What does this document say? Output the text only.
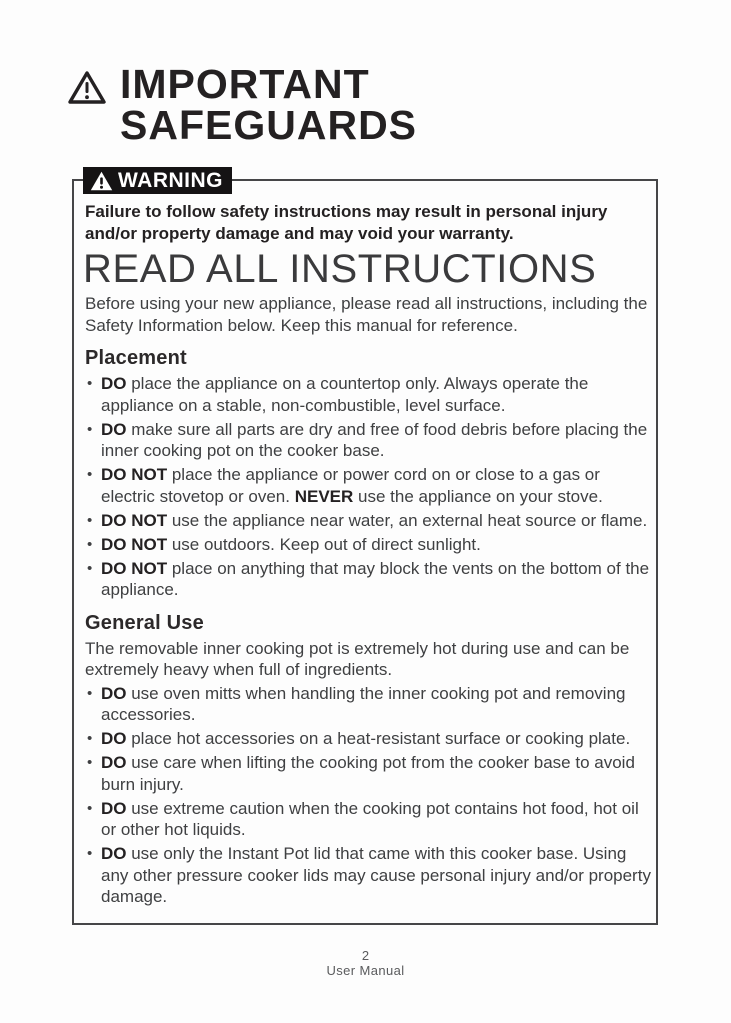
IMPORTANT
SAFEGUARDS
WARNING

Failure to follow safety instructions may result in personal injury and/or property damage and may void your warranty.

READ ALL INSTRUCTIONS

Before using your new appliance, please read all instructions, including the Safety Information below. Keep this manual for reference.

Placement
• DO place the appliance on a countertop only. Always operate the appliance on a stable, non-combustible, level surface.
• DO make sure all parts are dry and free of food debris before placing the inner cooking pot on the cooker base.
• DO NOT place the appliance or power cord on or close to a gas or electric stovetop or oven. NEVER use the appliance on your stove.
• DO NOT use the appliance near water, an external heat source or flame.
• DO NOT use outdoors. Keep out of direct sunlight.
• DO NOT place on anything that may block the vents on the bottom of the appliance.
General Use

The removable inner cooking pot is extremely hot during use and can be extremely heavy when full of ingredients.

• DO use oven mitts when handling the inner cooking pot and removing accessories.
• DO place hot accessories on a heat-resistant surface or cooking plate.
• DO use care when lifting the cooking pot from the cooker base to avoid burn injury.
• DO use extreme caution when the cooking pot contains hot food, hot oil or other hot liquids.
• DO use only the Instant Pot lid that came with this cooker base. Using any other pressure cooker lids may cause personal injury and/or property damage.
2
User Manual
